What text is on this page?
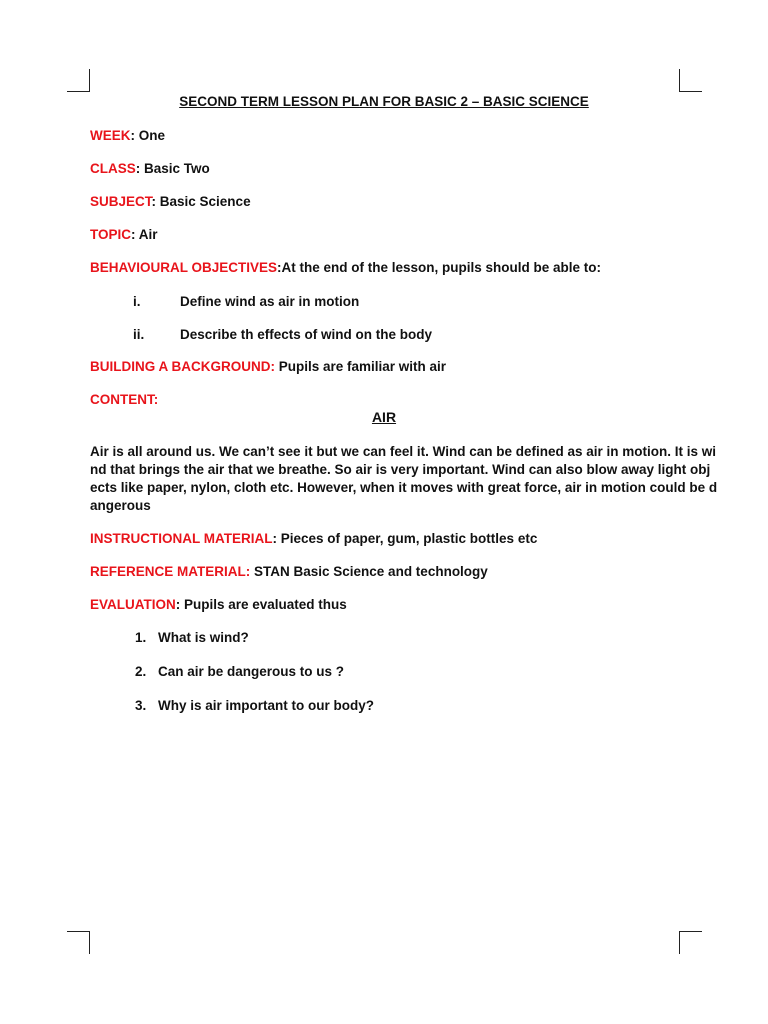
SECOND TERM LESSON PLAN FOR BASIC 2 – BASIC SCIENCE
WEEK: One
CLASS: Basic Two
SUBJECT: Basic Science
TOPIC: Air
BEHAVIOURAL OBJECTIVES:At the end of the lesson, pupils should be able to:
i.	Define wind as air in motion
ii.	Describe th effects of wind on the body
BUILDING A BACKGROUND: Pupils are familiar with air
CONTENT:
AIR
Air is all around us. We can’t see it but we can feel it. Wind can be defined as air in motion. It is wi
nd that brings the air that we breathe. So air is very important. Wind can also blow away light obj
ects like paper, nylon, cloth etc. However, when it moves with great force, air in motion could be d
angerous
INSTRUCTIONAL MATERIAL: Pieces of paper, gum, plastic bottles etc
REFERENCE MATERIAL: STAN Basic Science and technology
EVALUATION: Pupils are evaluated thus
1. What is wind?
2. Can air be dangerous to us ?
3. Why is air important to our body?
